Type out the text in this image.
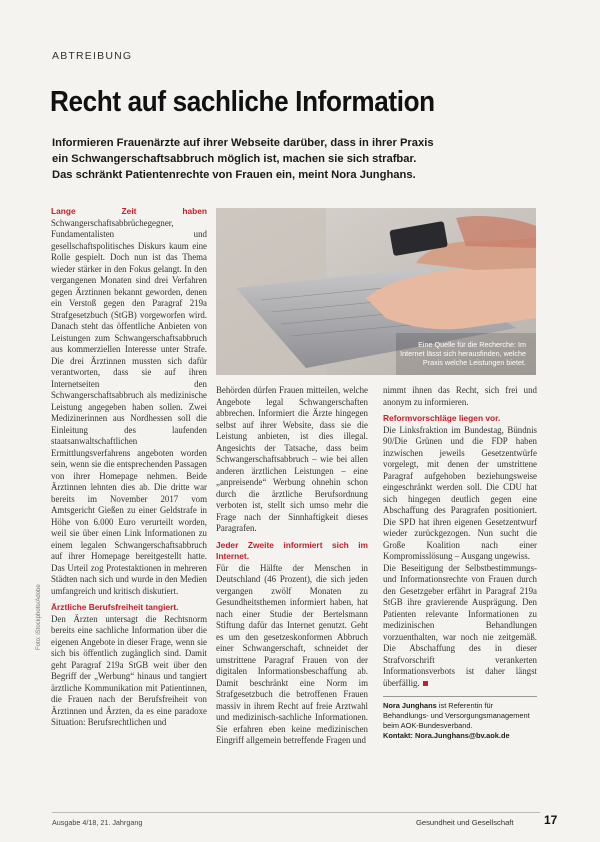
ABTREIBUNG
Recht auf sachliche Information

Informieren Frauenärzte auf ihrer Webseite darüber, dass in ihrer Praxis

ein Schwangerschaftsabbruch möglich ist, machen sie sich strafbar.

Das schränkt Patientenrechte von Frauen ein, meint Nora Junghans.

Lange Zeit haben Schwangerschaftsabbrüchegegner, Fundamentalisten und gesellschaftspolitisches Diskurs kaum eine Rolle gespielt. Doch nun ist das Thema wieder stärker in den Fokus gelangt. In den vergangenen Monaten sind drei Verfahren gegen Ärztinnen bekannt geworden, denen ein Verstoß gegen den Paragraf 219a Strafgesetzbuch (StGB) vorgeworfen wird. Danach steht das öffentliche Anbieten von Leistungen zum Schwangerschaftsabbruch aus kommerziellen Interesse unter Strafe. Die drei Ärztinnen mussten sich dafür verantworten, dass sie auf ihren Internetseiten den Schwangerschaftsabbruch als medizinische Leistung angegeben haben sollen. Zwei Medizinerinnen aus Nordhessen soll die Einleitung des laufenden staatsanwaltschaftlichen Ermittlungsverfahrens angeboten worden sein, wenn sie die entsprechenden Passagen von ihrer Homepage nehmen. Beide Ärztinnen lehnten dies ab. Die dritte war bereits im November 2017 vom Amtsgericht Gießen zu einer Geldstrafe in Höhe von 6.000 Euro verurteilt worden, weil sie über einen Link Informationen zu einem legalen Schwangerschaftsabbruch auf ihrer Homepage bereitgestellt hatte. Das Urteil zog Protestaktionen in mehreren Städten nach sich und wurde in den Medien umfangreich und kritisch diskutiert.

Ärztliche Berufsfreiheit tangiert.

Den Ärzten untersagt die Rechtsnorm bereits eine sachliche Information über die eigenen Angebote in dieser Frage, wenn sie sich bis öffentlich zugänglich sind. Damit geht Paragraf 219a StGB weit über den Begriff der „Werbung“ hinaus und tangiert ärztliche Kommunikation mit Patientinnen, die Frauen nach der Berufsfreiheit von Ärztinnen und Ärzten, da es eine paradoxe Situation: Berufsrechtlichen und

Eine Quelle für die Recherche: Im Internet lässt sich herausfinden, welche Praxis welche Leistungen bietet.

Behörden dürfen Frauen mitteilen, welche Angebote legal Schwangerschaften abbrechen. Informiert die Ärzte hingegen selbst auf ihrer Website, dass sie die Leistung anbieten, ist dies illegal. Angesichts der Tatsache, dass beim Schwangerschaftsabbruch – wie bei allen anderen ärztlichen Leistungen – eine „anpreisende“ Werbung ohnehin schon durch die ärztliche Berufsordnung verboten ist, stellt sich umso mehr die Frage nach der Sinnhaftigkeit dieses Paragrafen.

Jeder Zweite informiert sich im Internet.

Für die Hälfte der Menschen in Deutschland (46 Prozent), die sich jeden vergangen zwölf Monaten zu Gesundheitsthemen informiert haben, hat nach einer Studie der Bertelsmann Stiftung dafür das Internet genutzt. Geht es um den gesetzeskonformen Abbruch einer Schwangerschaft, schneidet der umstrittene Paragraf Frauen von der digitalen Informationsbeschaffung ab. Damit beschränkt eine Norm im Strafgesetzbuch die betroffenen Frauen massiv in ihrem Recht auf freie Arztwahl und medizinisch-sachliche Informationen. Sie erfahren eben keine medizinischen Eingriff allgemein betreffende Fragen und

nimmt ihnen das Recht, sich frei und anonym zu informieren.

Reformvorschläge liegen vor.

Die Linksfraktion im Bundestag, Bündnis 90/Die Grünen und die FDP haben inzwischen jeweils Gesetzentwürfe vorgelegt, mit denen der umstrittene Paragraf aufgehoben beziehungsweise eingeschränkt werden soll. Die CDU hat sich hingegen deutlich gegen eine Abschaffung des Paragrafen positioniert. Die SPD hat ihren eigenen Gesetzentwurf wieder zurückgezogen. Nun sucht die Große Koalition nach einer Kompromisslösung – Ausgang ungewiss.

Die Beseitigung der Selbstbestimmungs- und Informationsrechte von Frauen durch den Gesetzgeber erfährt in Paragraf 219a StGB ihre gravierende Ausprägung. Den Patienten relevante Informationen zu medizinischen Behandlungen vorzuenthalten, war noch nie zeitgemäß. Die Abschaffung des in dieser Strafvorschrift verankerten Informationsverbots ist daher längst überfällig.

Nora Junghans ist Referentin für Behandlungs- und Versorgungsmanagement beim AOK-Bundesverband.
Kontakt: Nora.Junghans@bv.aok.de
Foto: iStockphoto/Adobe
Ausgabe 4/18, 21. Jahrgang	Gesundheit und Gesellschaft	17
